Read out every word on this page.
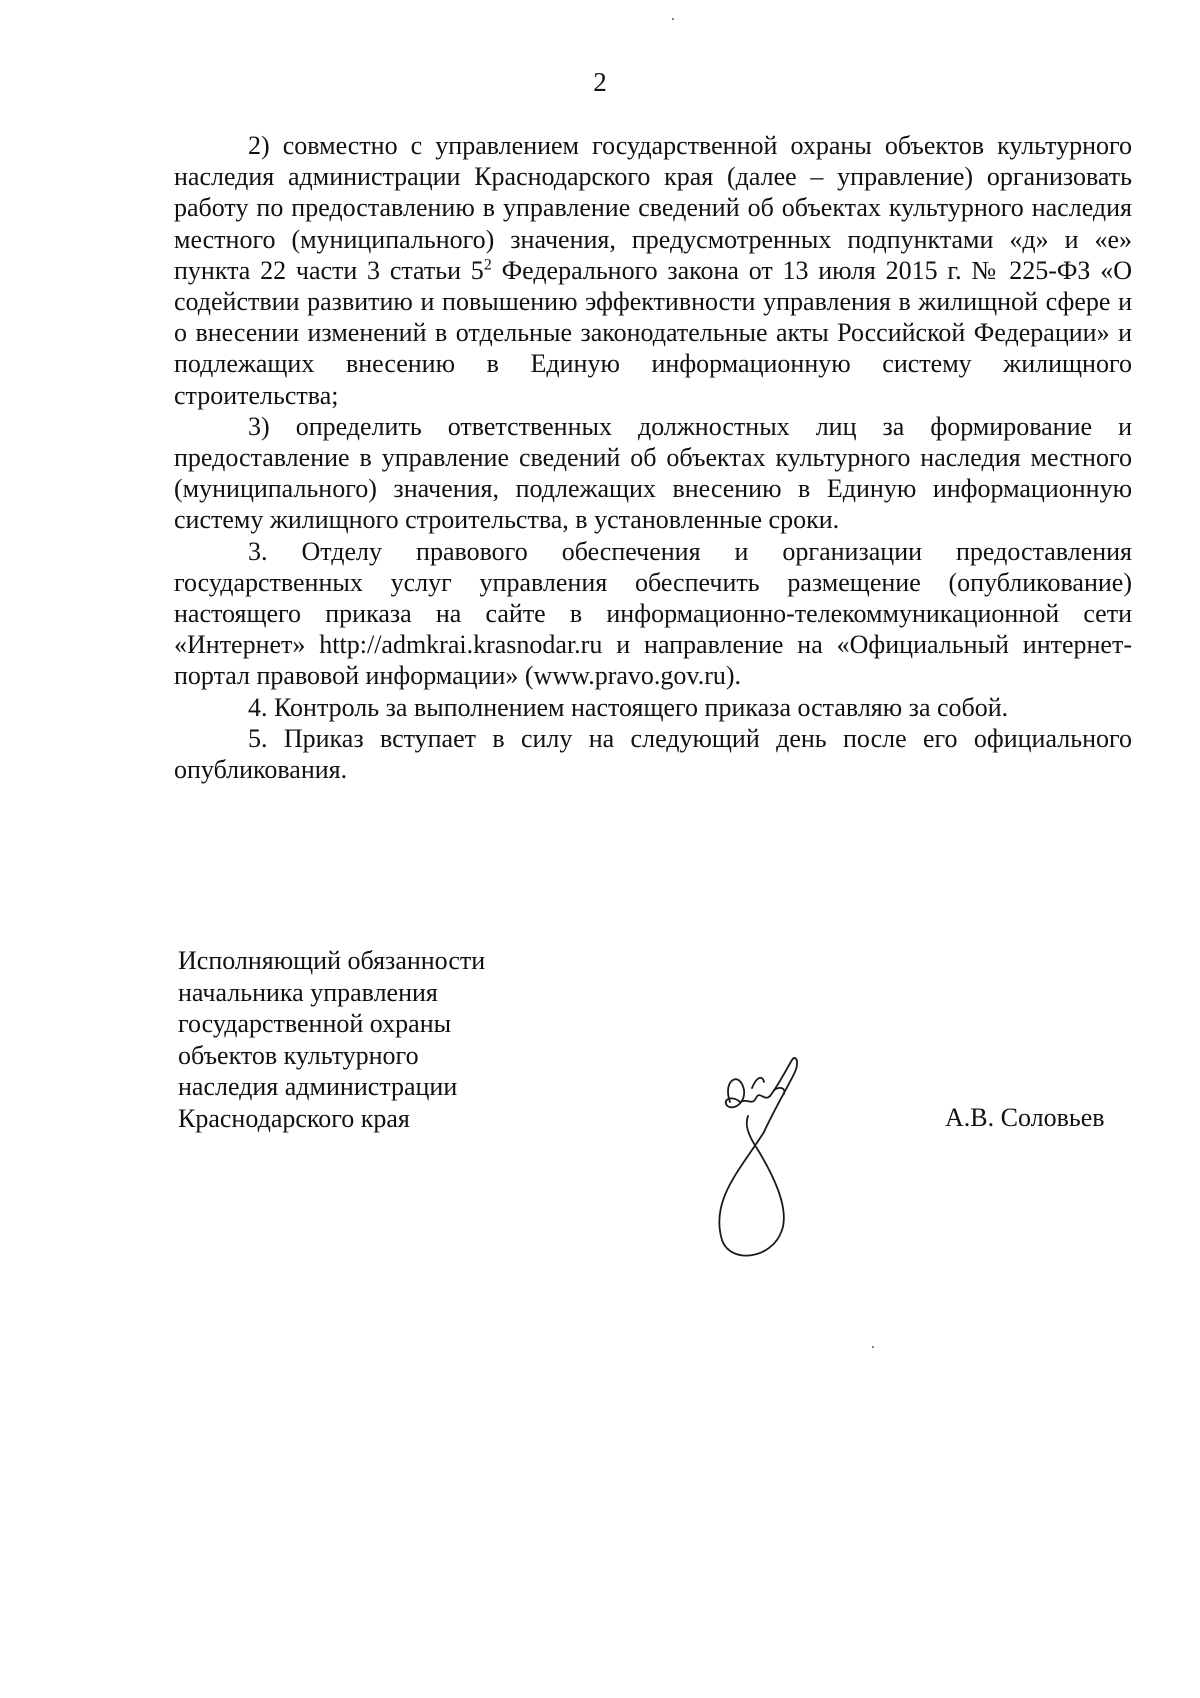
2

2) совместно с управлением государственной охраны объектов культурного наследия администрации Краснодарского края (далее – управление) организовать работу по предоставлению в управление сведений об объектах культурного наследия местного (муниципального) значения, предусмотренных подпунктами «д» и «е» пункта 22 части 3 статьи $5^2$ Федерального закона от 13 июля 2015 г. № 225-ФЗ «О содействии развитию и повышению эффективности управления в жилищной сфере и о внесении изменений в отдельные законодательные акты Российской Федерации» и подлежащих внесению в Единую информационную систему жилищного строительства;

3) определить ответственных должностных лиц за формирование и предоставление в управление сведений об объектах культурного наследия местного (муниципального) значения, подлежащих внесению в Единую информационную систему жилищного строительства, в установленные сроки.

3. Отделу правового обеспечения и организации предоставления государственных услуг управления обеспечить размещение (опубликование) настоящего приказа на сайте в информационно-телекоммуникационной сети «Интернет» http://admkrai.krasnodar.ru и направление на «Официальный интернет-портал правовой информации» (www.pravo.gov.ru).

4. Контроль за выполнением настоящего приказа оставляю за собой.

5. Приказ вступает в силу на следующий день после его официального опубликования.

Исполняющий обязанности
начальника управления
государственной охраны
объектов культурного
наследия администрации
Краснодарского края	А.В. Соловьев
